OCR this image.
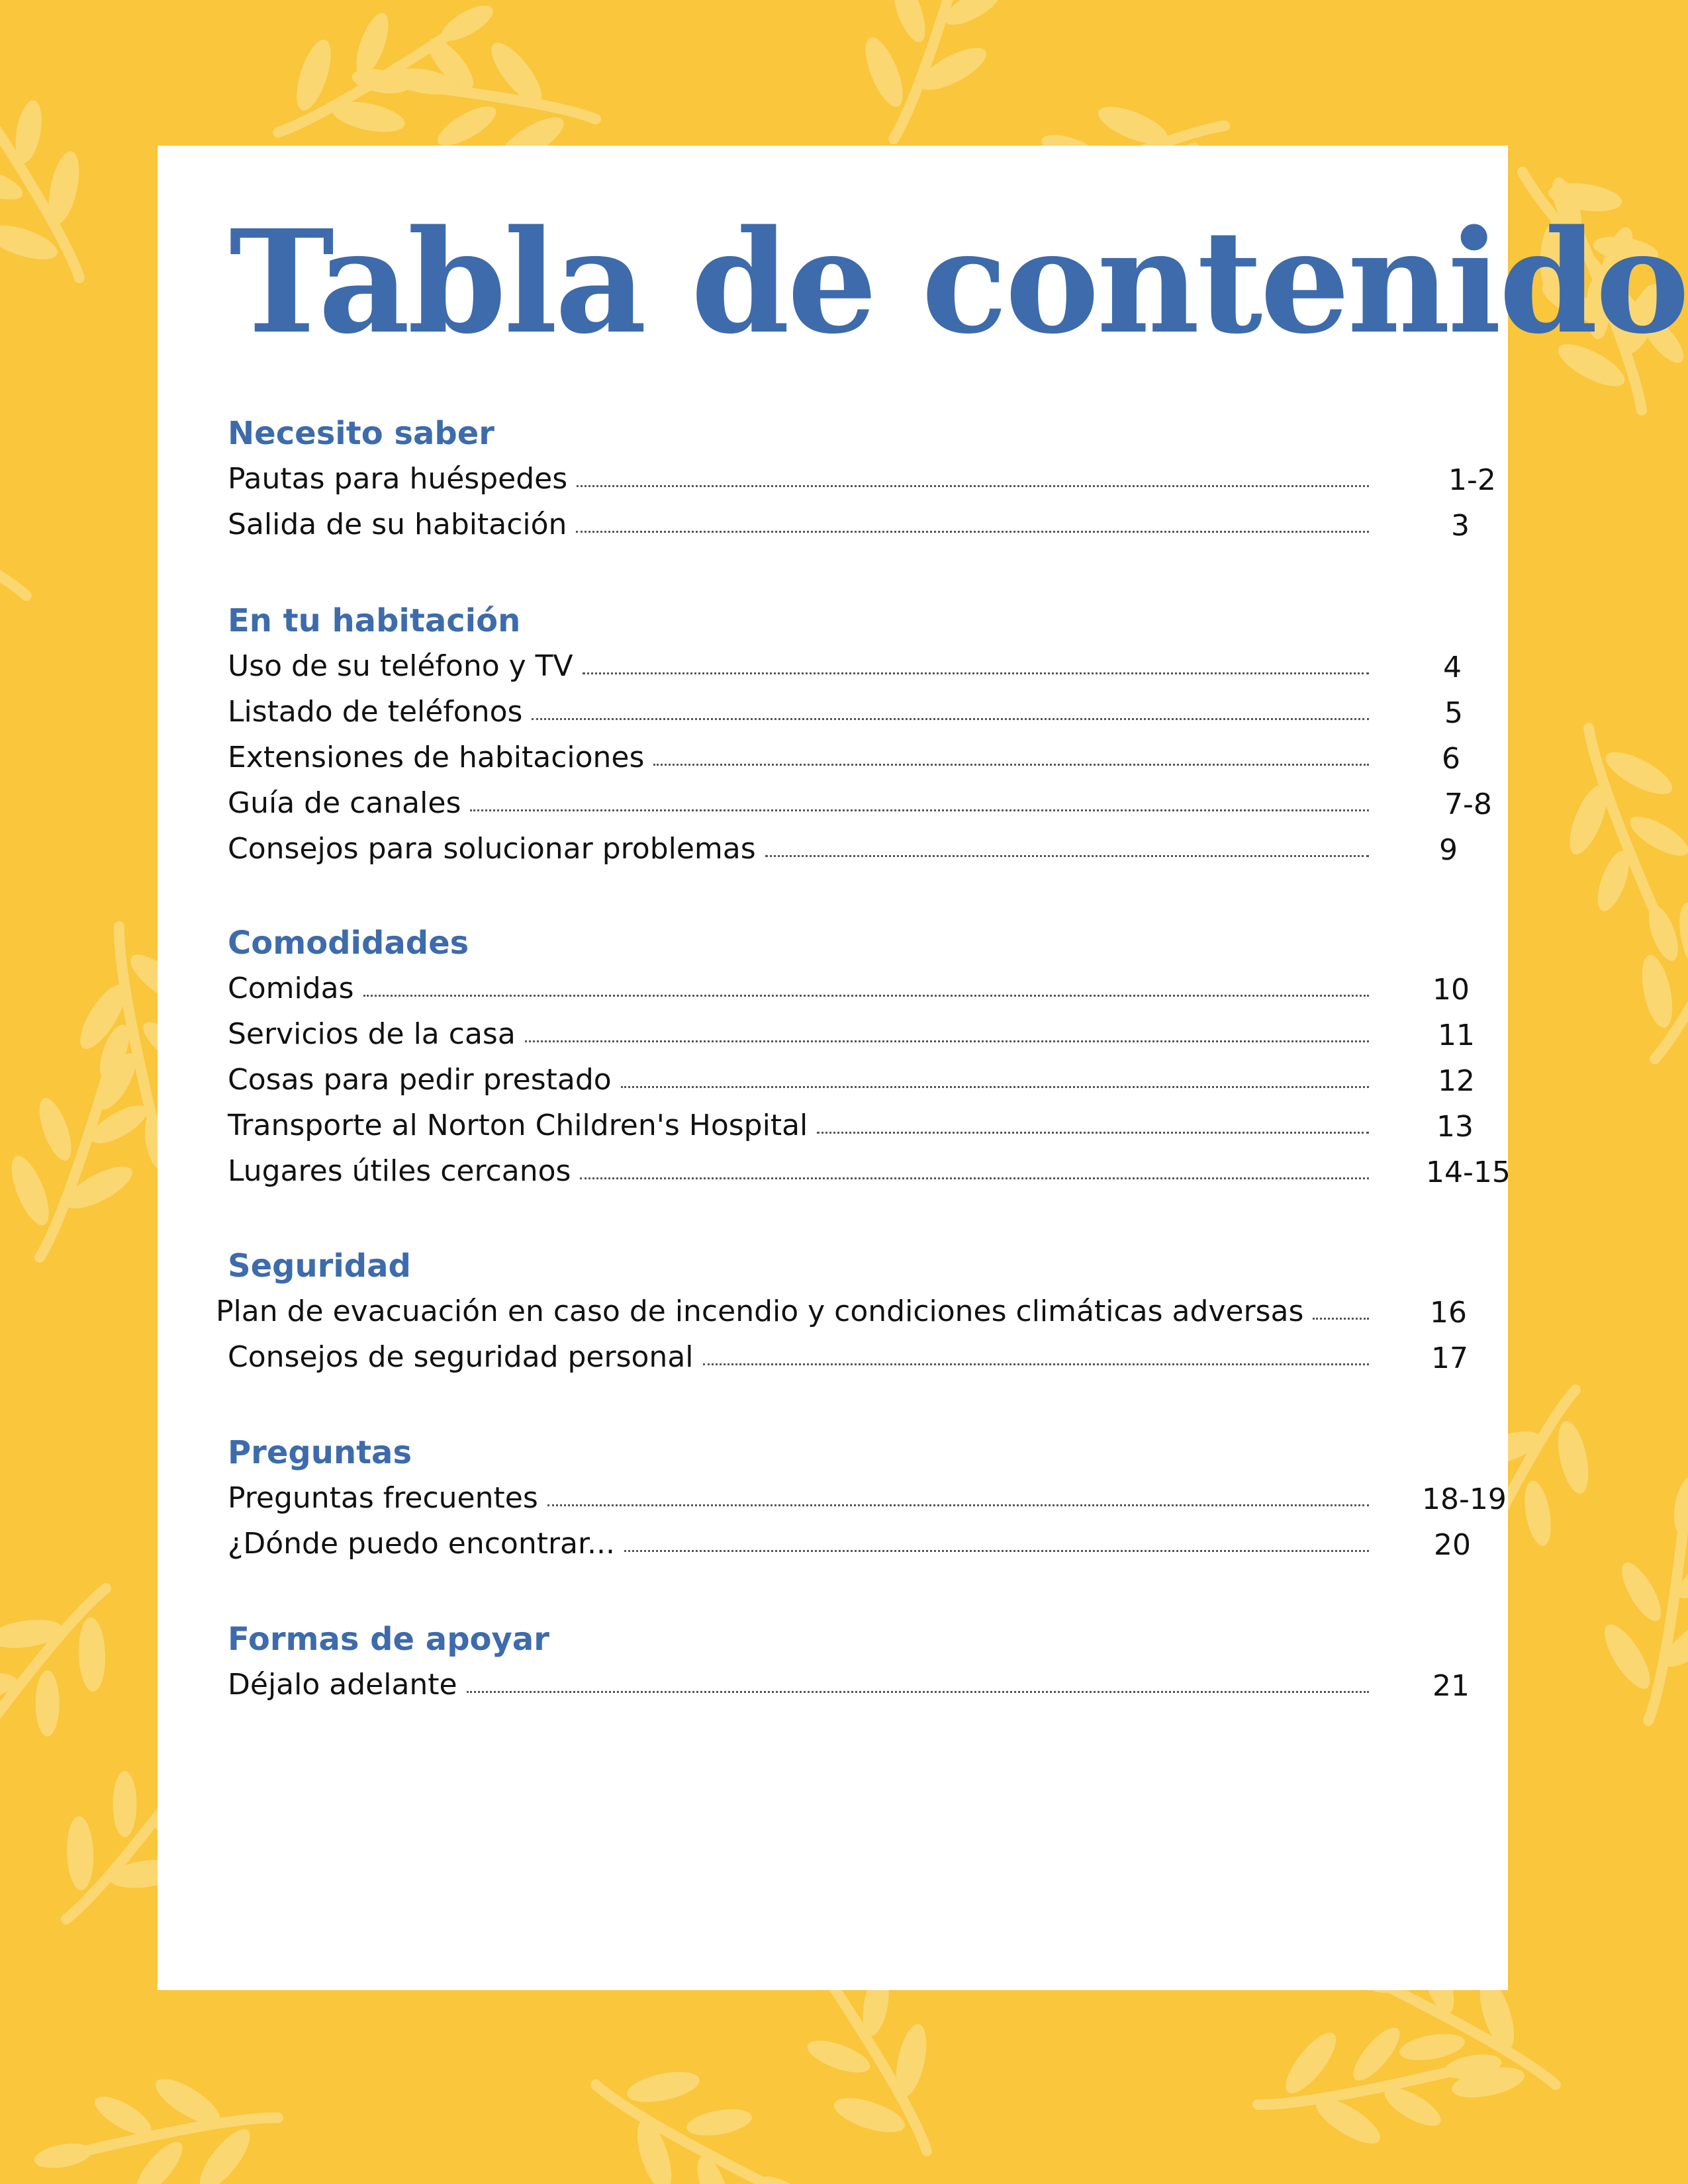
Tabla de contenido
Necesito saber
Pautas para huéspedes	1-2
Salida de su habitación	3
En tu habitación
Uso de su teléfono y TV	4
Listado de teléfonos	5
Extensiones de habitaciones	6
Guía de canales	7-8
Consejos para solucionar problemas	9
Comodidades
Comidas	10
Servicios de la casa	11
Cosas para pedir prestado	12
Transporte al Norton Children's Hospital	13
Lugares útiles cercanos	14-15
Seguridad
Plan de evacuación en caso de incendio y condiciones climáticas adversas	16
Consejos de seguridad personal	17
Preguntas
Preguntas frecuentes	18-19
¿Dónde puedo encontrar...	20
Formas de apoyar
Déjalo adelante	21
